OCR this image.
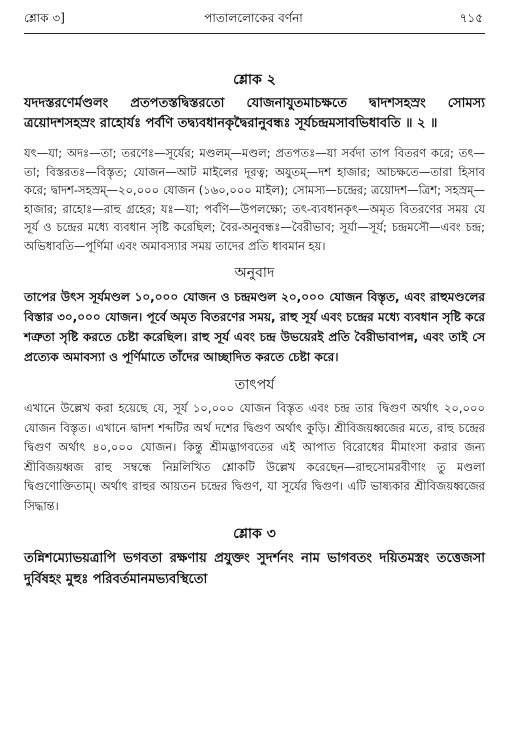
শ্লোক ৩]	পাতাললোকের বর্ণনা	৭১৫
শ্লোক ২

যদদস্তরণের্মণ্ডলং প্রতপতস্তদ্বিস্তরতো যোজনাযুতমাচক্ষতে দ্বাদশসহস্রং সোমস্য ত্রয়োদশসহস্রং রাহোর্যঃ পর্বণি তদ্ব্যবধানকৃদ্বৈরানুবন্ধঃ সূর্যচন্দ্রমসাবভিধাবতি ॥ ২ ॥

যৎ—যা; অদঃ—তা; তরণেঃ—সূর্যের; মণ্ডলম্—মণ্ডল; প্রতপতঃ—যা সর্বদা তাপ বিতরণ করে; তৎ—তা; বিস্তরতঃ—বিস্তৃত; যোজন—আট মাইলের দূরত্ব; অযুতম্—দশ হাজার; আচক্ষতে—তারা হিসাব করে; দ্বাদশ-সহস্রম্—২০,০০০ যোজন (১৬০,০০০ মাইল); সোমস্য—চন্দ্রের; ত্রয়োদশ—ত্রিশ; সহস্রম্—হাজার; রাহোঃ—রাহু গ্রহের; যঃ—যা; পর্বণি—উপলক্ষ্যে; তৎ-ব্যবধানকৃৎ—অমৃত বিতরণের সময় যে সূর্য ও চন্দ্রের মধ্যে ব্যবধান সৃষ্টি করেছিল; বৈর-অনুবন্ধঃ—বৈরীভাব; সূর্যা—সূর্য; চন্দ্রমসৌ—এবং চন্দ্র; অভিধাবতি—পূর্ণিমা এবং অমাবস্যার সময় তাদের প্রতি ধাবমান হয়।

অনুবাদ

তাপের উৎস সূর্যমণ্ডল ১০,০০০ যোজন ও চন্দ্রমণ্ডল ২০,০০০ যোজন বিস্তৃত, এবং রাহুমণ্ডলের বিস্তার ৩০,০০০ যোজন। পূর্বে অমৃত বিতরণের সময়, রাহু সূর্য এবং চন্দ্রের মধ্যে ব্যবধান সৃষ্টি করে শত্রুতা সৃষ্টি করতে চেষ্টা করেছিল। রাহু সূর্য এবং চন্দ্র উভয়েরই প্রতি বৈরীভাবাপন্ন, এবং তাই সে প্রত্যেক অমাবস্যা ও পূর্ণিমাতে তাঁদের আচ্ছাদিত করতে চেষ্টা করে।

তাৎপর্য

এখানে উল্লেখ করা হয়েছে যে, সূর্য ১০,০০০ যোজন বিস্তৃত এবং চন্দ্র তার দ্বিগুণ অর্থাৎ ২০,০০০ যোজন বিস্তৃত। এখানে দ্বাদশ শব্দটির অর্থ দশের দ্বিগুণ অর্থাৎ কুড়ি। শ্রীবিজয়ধ্বজের মতে, রাহু চন্দ্রের দ্বিগুণ অর্থাৎ ৪০,০০০ যোজন। কিন্তু শ্রীমদ্ভাগবতের এই আপাত বিরোধের মীমাংসা করার জন্য শ্রীবিজয়ধ্বজ রাহু সম্বন্ধে নিম্নলিখিত শ্লোকটি উল্লেখ করেছেন—রাহুসোমরবীণাং তু মণ্ডলা দ্বিগুণোক্তিতাম্। অর্থাৎ রাহুর আয়তন চন্দ্রের দ্বিগুণ, যা সূর্যের দ্বিগুণ। এটি ভাষ্যকার শ্রীবিজয়ধ্বজের সিদ্ধান্ত।

শ্লোক ৩

তন্নিশম্যোভয়ত্রাপি ভগবতা রক্ষণায় প্রযুক্তং সুদর্শনং নাম ভাগবতং দয়িতমস্ত্রং তত্তেজসা দুর্বিষহং মুহুঃ পরিবর্তমানমভ্যবস্থিতো
